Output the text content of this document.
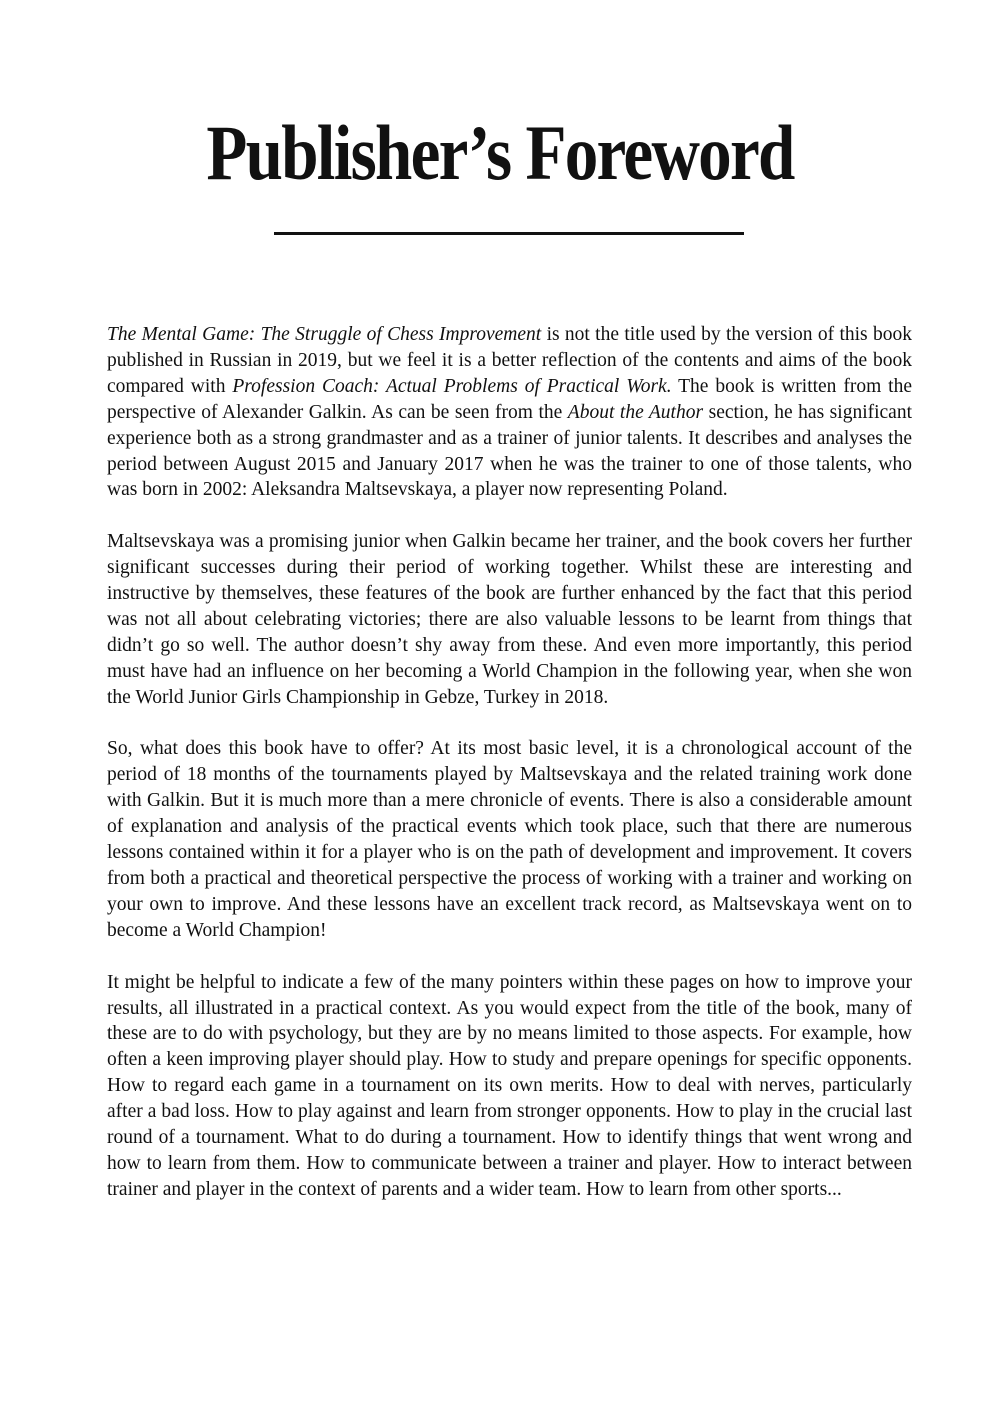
Publisher’s Foreword

The Mental Game: The Struggle of Chess Improvement is not the title used by the version of this book published in Russian in 2019, but we feel it is a better reflection of the contents and aims of the book compared with Profession Coach: Actual Problems of Practical Work. The book is written from the perspective of Alexander Galkin. As can be seen from the About the Author section, he has significant experience both as a strong grandmaster and as a trainer of junior talents. It describes and analyses the period between August 2015 and January 2017 when he was the trainer to one of those talents, who was born in 2002: Aleksandra Maltsevskaya, a player now representing Poland.

Maltsevskaya was a promising junior when Galkin became her trainer, and the book covers her further significant successes during their period of working together. Whilst these are interesting and instructive by themselves, these features of the book are further enhanced by the fact that this period was not all about celebrating victories; there are also valuable lessons to be learnt from things that didn’t go so well. The author doesn’t shy away from these. And even more importantly, this period must have had an influence on her becoming a World Champion in the following year, when she won the World Junior Girls Championship in Gebze, Turkey in 2018.

So, what does this book have to offer? At its most basic level, it is a chronological account of the period of 18 months of the tournaments played by Maltsevskaya and the related training work done with Galkin. But it is much more than a mere chronicle of events. There is also a considerable amount of explanation and analysis of the practical events which took place, such that there are numerous lessons contained within it for a player who is on the path of development and improvement. It covers from both a practical and theoretical perspective the process of working with a trainer and working on your own to improve. And these lessons have an excellent track record, as Maltsevskaya went on to become a World Champion!

It might be helpful to indicate a few of the many pointers within these pages on how to improve your results, all illustrated in a practical context. As you would expect from the title of the book, many of these are to do with psychology, but they are by no means limited to those aspects. For example, how often a keen improving player should play. How to study and prepare openings for specific opponents. How to regard each game in a tournament on its own merits. How to deal with nerves, particularly after a bad loss. How to play against and learn from stronger opponents. How to play in the crucial last round of a tournament. What to do during a tournament. How to identify things that went wrong and how to learn from them. How to communicate between a trainer and player. How to interact between trainer and player in the context of parents and a wider team. How to learn from other sports...
